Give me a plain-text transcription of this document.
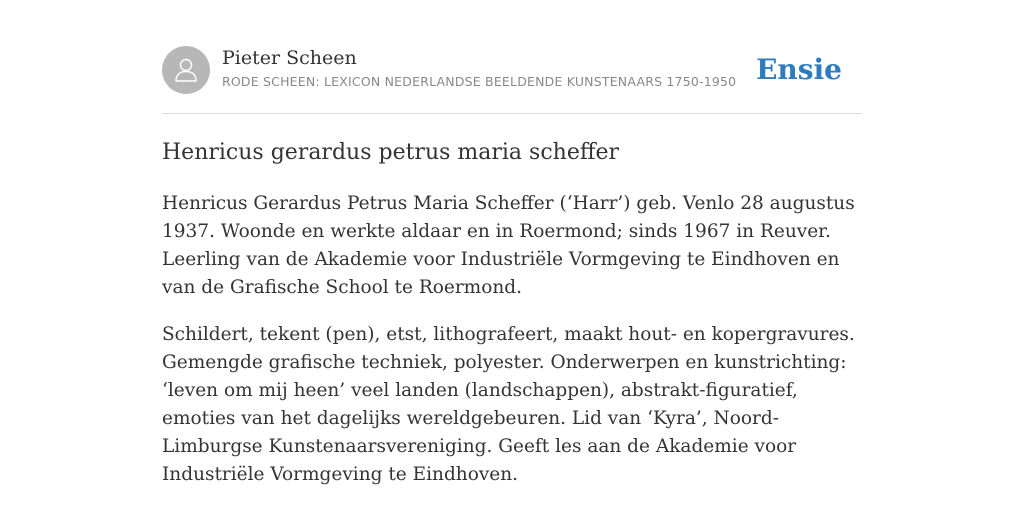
Pieter Scheen
RODE SCHEEN: LEXICON NEDERLANDSE BEELDENDE KUNSTENAARS 1750-1950 Ensie
Henricus gerardus petrus maria scheffer

Henricus Gerardus Petrus Maria Scheffer (‘Harr’) geb. Venlo 28 augustus 1937. Woonde en werkte aldaar en in Roermond; sinds 1967 in Reuver. Leerling van de Akademie voor Industriële Vormgeving te Eindhoven en van de Grafische School te Roermond.

Schildert, tekent (pen), etst, lithografeert, maakt hout- en kopergravures. Gemengde grafische techniek, polyester. Onderwerpen en kunstrichting: ‘leven om mij heen’ veel landen (landschappen), abstrakt-figuratief, emoties van het dagelijks wereldgebeuren. Lid van ‘Kyra’, Noord-Limburgse Kunstenaarsvereniging. Geeft les aan de Akademie voor Industriële Vormgeving te Eindhoven.
